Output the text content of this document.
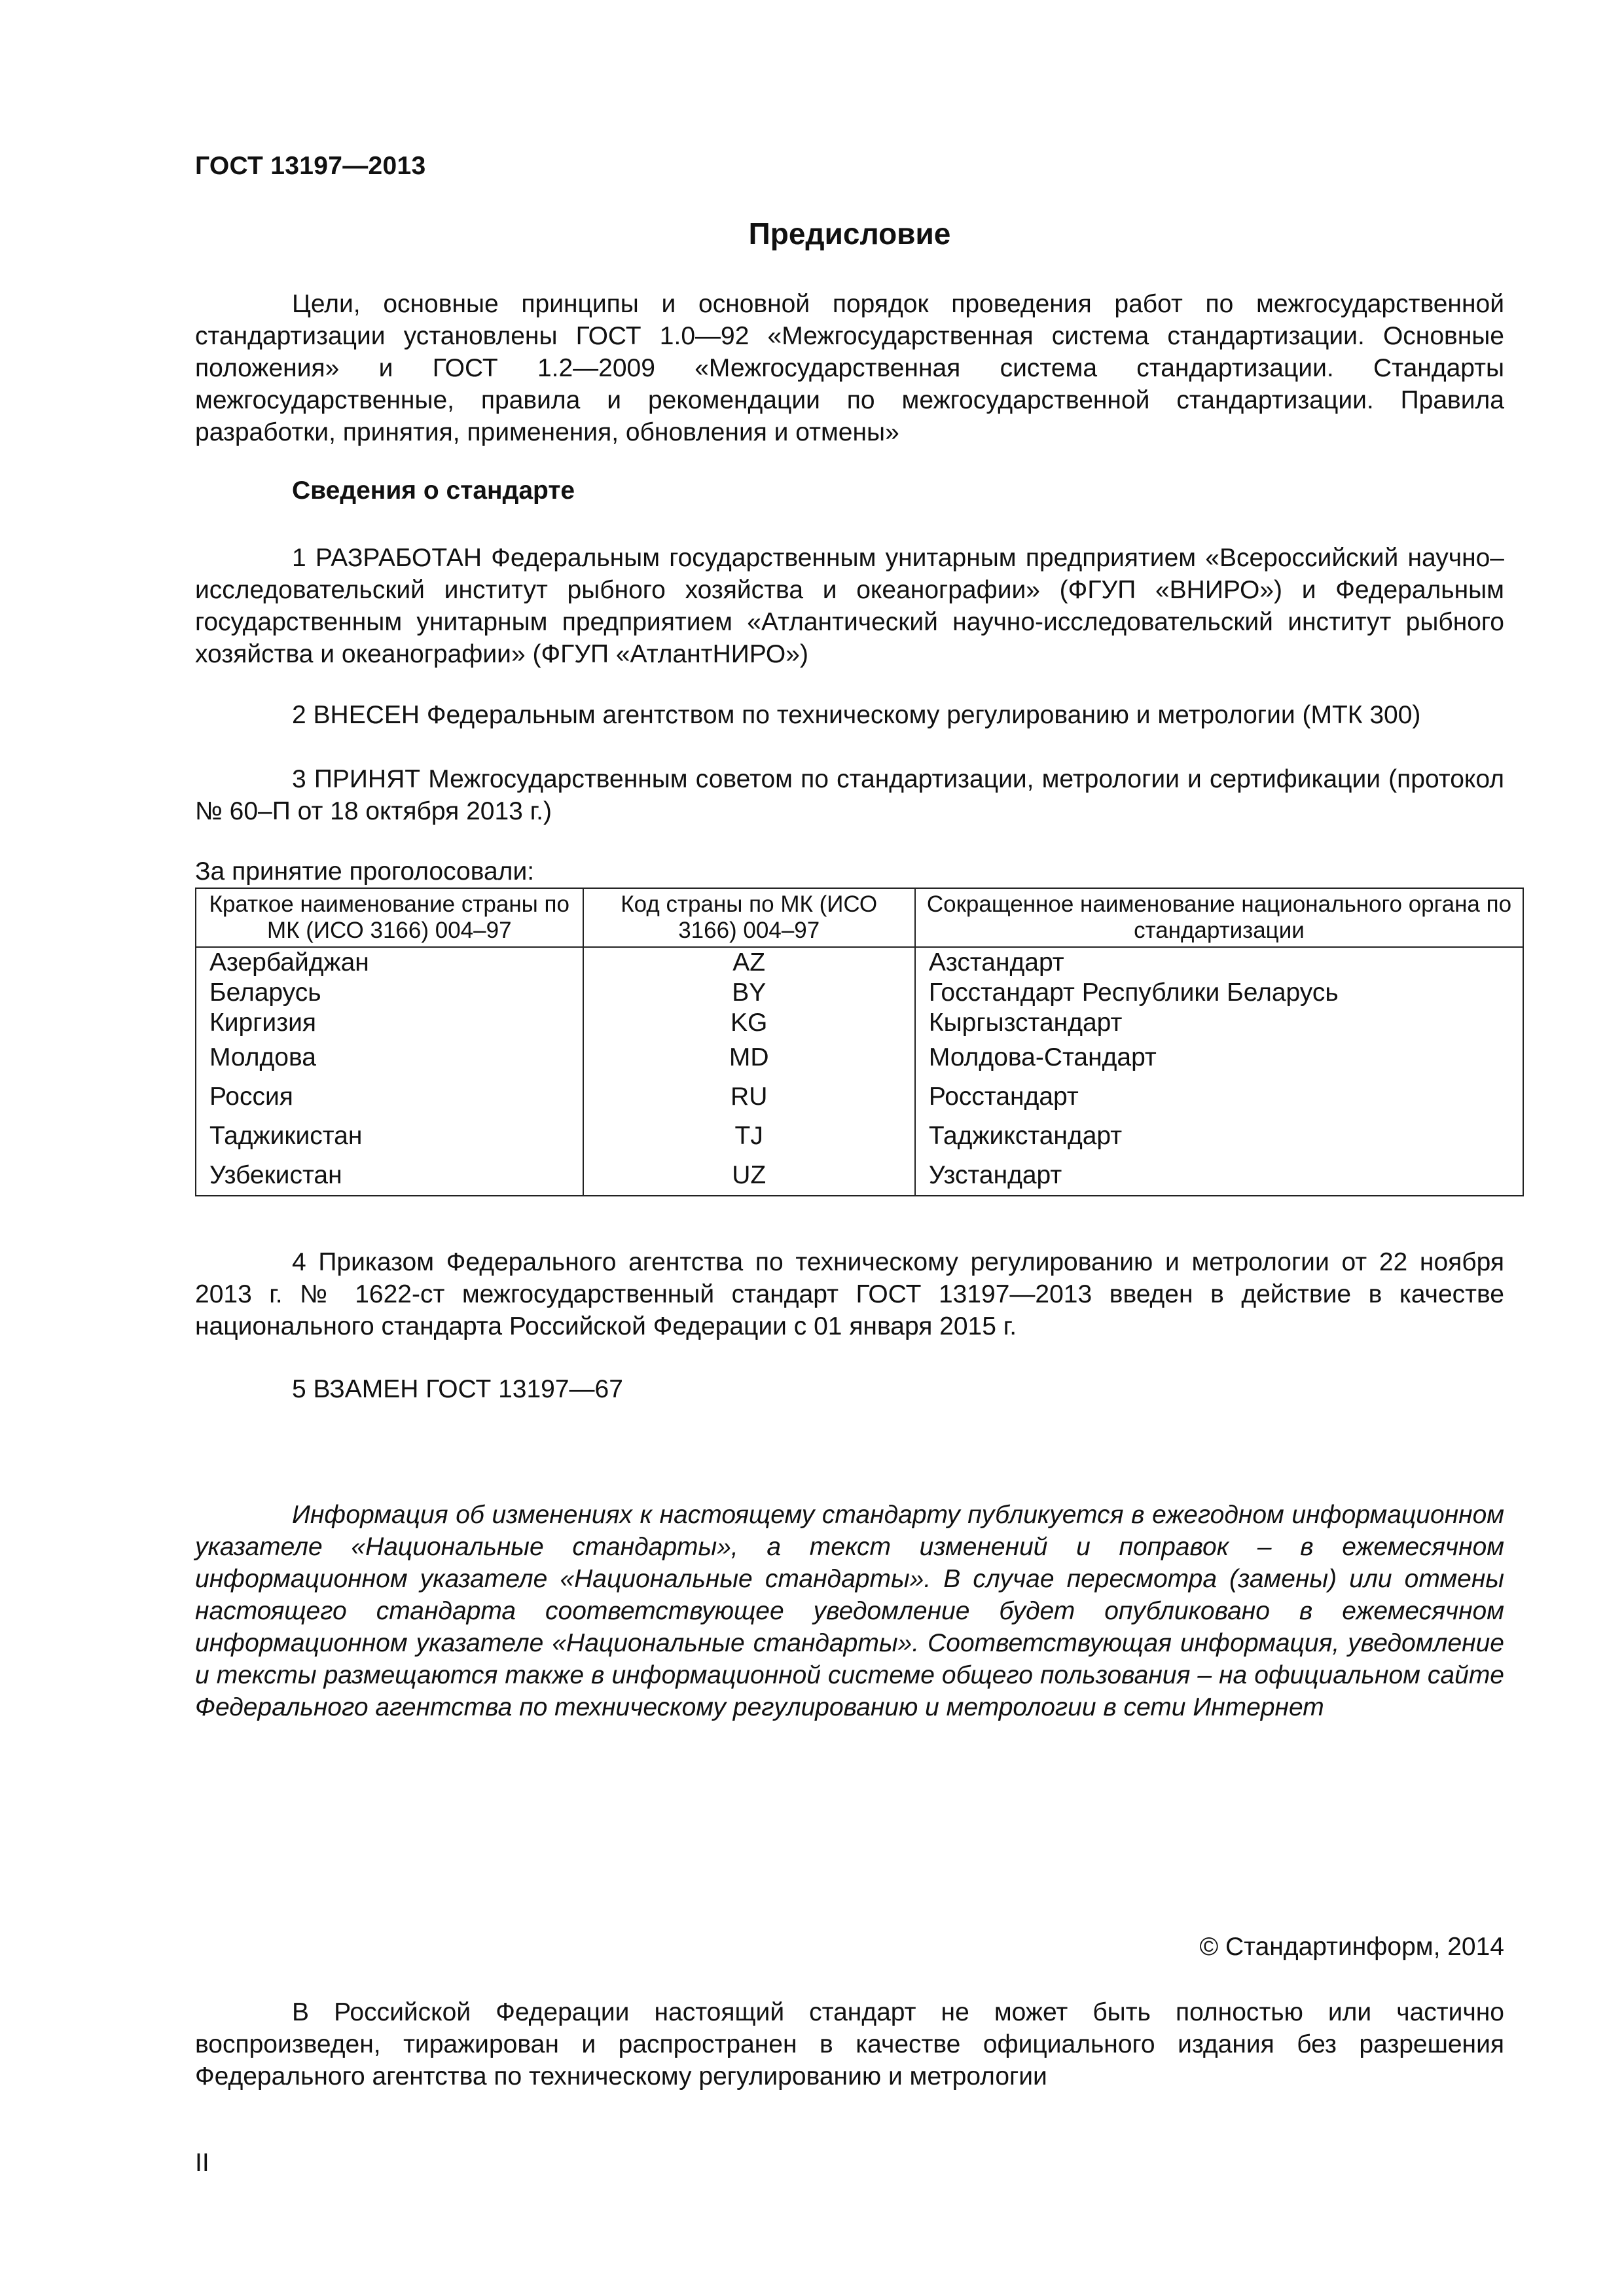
ГОСТ 13197—2013
Предисловие
Цели, основные принципы и основной порядок проведения работ по межгосударственной стандартизации установлены ГОСТ 1.0—92 «Межгосударственная система стандартизации. Основные положения» и ГОСТ 1.2—2009 «Межгосударственная система стандартизации. Стандарты межгосударственные, правила и рекомендации по межгосударственной стандартизации. Правила разработки, принятия, применения, обновления и отмены»
Сведения о стандарте
1 РАЗРАБОТАН Федеральным государственным унитарным предприятием «Всероссийский научно–исследовательский институт рыбного хозяйства и океанографии» (ФГУП «ВНИРО») и Федеральным государственным унитарным предприятием «Атлантический научно-исследовательский институт рыбного хозяйства и океанографии» (ФГУП «АтлантНИРО»)
2 ВНЕСЕН Федеральным агентством по техническому регулированию и метрологии (МТК 300)
3 ПРИНЯТ Межгосударственным советом по стандартизации, метрологии и сертификации (протокол № 60–П от 18 октября 2013 г.)
За принятие проголосовали:
Краткое наименование страны по МК (ИСО 3166) 004–97	Код страны по МК (ИСО 3166) 004–97	Сокращенное наименование национального органа по стандартизации
Азербайджан	AZ	Азстандарт
Беларусь	BY	Госстандарт Республики Беларусь
Киргизия	KG	Кыргызстандарт
Молдова	MD	Молдова-Стандарт
Россия	RU	Росстандарт
Таджикистан	TJ	Таджикстандарт
Узбекистан	UZ	Узстандарт
4 Приказом Федерального агентства по техническому регулированию и метрологии от 22 ноября 2013 г. № 1622-ст межгосударственный стандарт ГОСТ 13197—2013 введен в действие в качестве национального стандарта Российской Федерации с 01 января 2015 г.
5 ВЗАМЕН ГОСТ 13197—67
Информация об изменениях к настоящему стандарту публикуется в ежегодном информационном указателе «Национальные стандарты», а текст изменений и поправок – в ежемесячном информационном указателе «Национальные стандарты». В случае пересмотра (замены) или отмены настоящего стандарта соответствующее уведомление будет опубликовано в ежемесячном информационном указателе «Национальные стандарты». Соответствующая информация, уведомление и тексты размещаются также в информационной системе общего пользования – на официальном сайте Федерального агентства по техническому регулированию и метрологии в сети Интернет
© Стандартинформ, 2014
В Российской Федерации настоящий стандарт не может быть полностью или частично воспроизведен, тиражирован и распространен в качестве официального издания без разрешения Федерального агентства по техническому регулированию и метрологии
II
